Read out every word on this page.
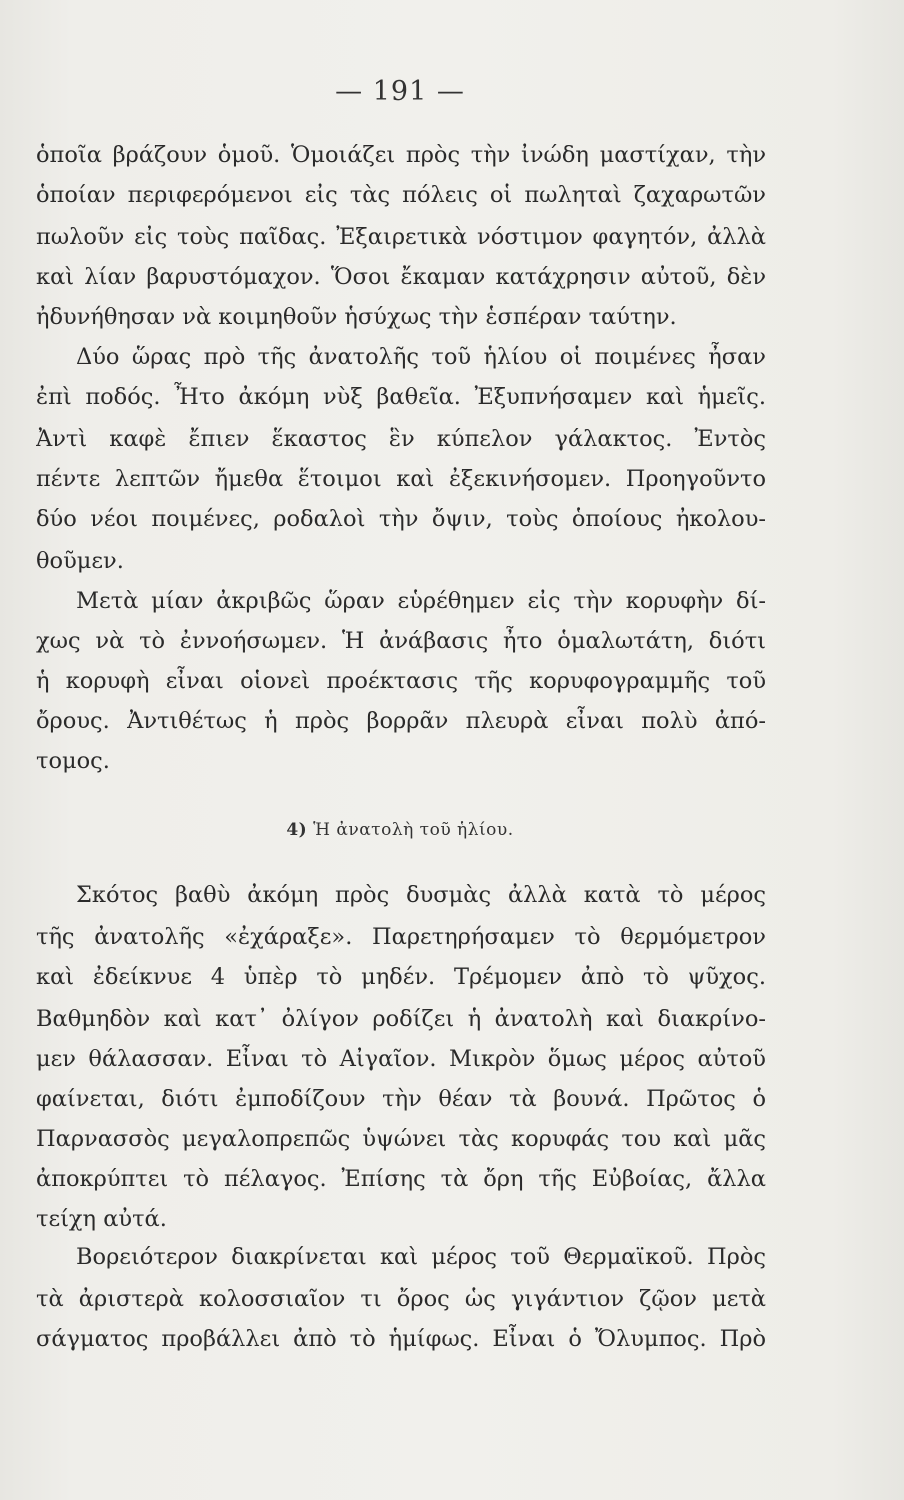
— 191 —
ὁποῖα βράζουν ὁμοῦ. Ὁμοιάζει πρὸς τὴν ἰνώδη μαστίχαν, τὴν
ὁποίαν περιφερόμενοι εἰς τὰς πόλεις οἱ πωληταὶ ζαχαρωτῶν
πωλοῦν εἰς τοὺς παῖδας. Ἐξαιρετικὰ νόστιμον φαγητόν, ἀλλὰ
καὶ λίαν βαρυστόμαχον. Ὅσοι ἔκαμαν κατάχρησιν αὐτοῦ, δὲν
ἠδυνήθησαν νὰ κοιμηθοῦν ἡσύχως τὴν ἑσπέραν ταύτην.
Δύο ὥρας πρὸ τῆς ἀνατολῆς τοῦ ἡλίου οἱ ποιμένες ἦσαν
ἐπὶ ποδός. Ἦτο ἀκόμη νὺξ βαθεῖα. Ἐξυπνήσαμεν καὶ ἡμεῖς.
Ἀντὶ καφὲ ἔπιεν ἕκαστος ἓν κύπελον γάλακτος. Ἐντὸς
πέντε λεπτῶν ἤμεθα ἕτοιμοι καὶ ἐξεκινήσομεν. Προηγοῦντο
δύο νέοι ποιμένες, ροδαλοὶ τὴν ὄψιν, τοὺς ὁποίους ἠκολου-
θοῦμεν.
Μετὰ μίαν ἀκριβῶς ὥραν εὑρέθημεν εἰς τὴν κορυφὴν δί-
χως νὰ τὸ ἐννοήσωμεν. Ἡ ἀνάβασις ἦτο ὁμαλωτάτη, διότι
ἡ κορυφὴ εἶναι οἱονεὶ προέκτασις τῆς κορυφογραμμῆς τοῦ
ὄρους. Ἀντιθέτως ἡ πρὸς βορρᾶν πλευρὰ εἶναι πολὺ ἀπό-
τομος.
4) Ἡ ἀνατολὴ τοῦ ἡλίου.
Σκότος βαθὺ ἀκόμη πρὸς δυσμὰς ἀλλὰ κατὰ τὸ μέρος
τῆς ἀνατολῆς «ἐχάραξε». Παρετηρήσαμεν τὸ θερμόμετρον
καὶ ἐδείκνυε 4 ὑπὲρ τὸ μηδέν. Τρέμομεν ἀπὸ τὸ ψῦχος.
Βαθμηδὸν καὶ κατ᾽ ὀλίγον ροδίζει ἡ ἀνατολὴ καὶ διακρίνο-
μεν θάλασσαν. Εἶναι τὸ Αἰγαῖον. Μικρὸν ὅμως μέρος αὐτοῦ
φαίνεται, διότι ἐμποδίζουν τὴν θέαν τὰ βουνά. Πρῶτος ὁ
Παρνασσὸς μεγαλοπρεπῶς ὑψώνει τὰς κορυφάς του καὶ μᾶς
ἀποκρύπτει τὸ πέλαγος. Ἐπίσης τὰ ὄρη τῆς Εὐβοίας, ἄλλα
τείχη αὐτά.
Βορειότερον διακρίνεται καὶ μέρος τοῦ Θερμαϊκοῦ. Πρὸς
τὰ ἀριστερὰ κολοσσιαῖον τι ὄρος ὡς γιγάντιον ζῷον μετὰ
σάγματος προβάλλει ἀπὸ τὸ ἡμίφως. Εἶναι ὁ Ὄλυμπος. Πρὸ
